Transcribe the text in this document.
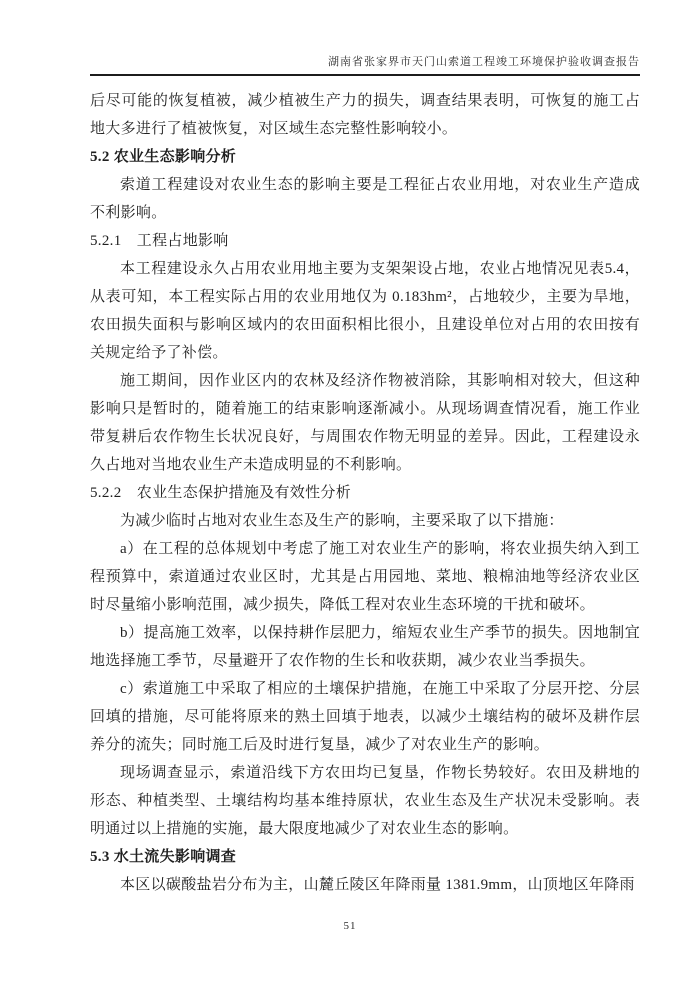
湖南省张家界市天门山索道工程竣工环境保护验收调查报告

后尽可能的恢复植被，减少植被生产力的损失，调查结果表明，可恢复的施工占地大多进行了植被恢复，对区域生态完整性影响较小。

5.2 农业生态影响分析

索道工程建设对农业生态的影响主要是工程征占农业用地，对农业生产造成不利影响。

5.2.1　工程占地影响

本工程建设永久占用农业用地主要为支架架设占地，农业占地情况见表5.4，从表可知，本工程实际占用的农业用地仅为 0.183hm²，占地较少，主要为旱地，农田损失面积与影响区域内的农田面积相比很小，且建设单位对占用的农田按有关规定给予了补偿。

施工期间，因作业区内的农林及经济作物被消除，其影响相对较大，但这种影响只是暂时的，随着施工的结束影响逐渐减小。从现场调查情况看，施工作业带复耕后农作物生长状况良好，与周围农作物无明显的差异。因此，工程建设永久占地对当地农业生产未造成明显的不利影响。

5.2.2　农业生态保护措施及有效性分析

为减少临时占地对农业生态及生产的影响，主要采取了以下措施：

a）在工程的总体规划中考虑了施工对农业生产的影响，将农业损失纳入到工程预算中，索道通过农业区时，尤其是占用园地、菜地、粮棉油地等经济农业区时尽量缩小影响范围，减少损失，降低工程对农业生态环境的干扰和破坏。

b）提高施工效率，以保持耕作层肥力，缩短农业生产季节的损失。因地制宜地选择施工季节，尽量避开了农作物的生长和收获期，减少农业当季损失。

c）索道施工中采取了相应的土壤保护措施，在施工中采取了分层开挖、分层回填的措施，尽可能将原来的熟土回填于地表，以减少土壤结构的破坏及耕作层养分的流失；同时施工后及时进行复垦，减少了对农业生产的影响。

现场调查显示，索道沿线下方农田均已复垦，作物长势较好。农田及耕地的形态、种植类型、土壤结构均基本维持原状，农业生态及生产状况未受影响。表明通过以上措施的实施，最大限度地减少了对农业生态的影响。

5.3 水土流失影响调查

本区以碳酸盐岩分布为主，山麓丘陵区年降雨量 1381.9mm，山顶地区年降雨

51
